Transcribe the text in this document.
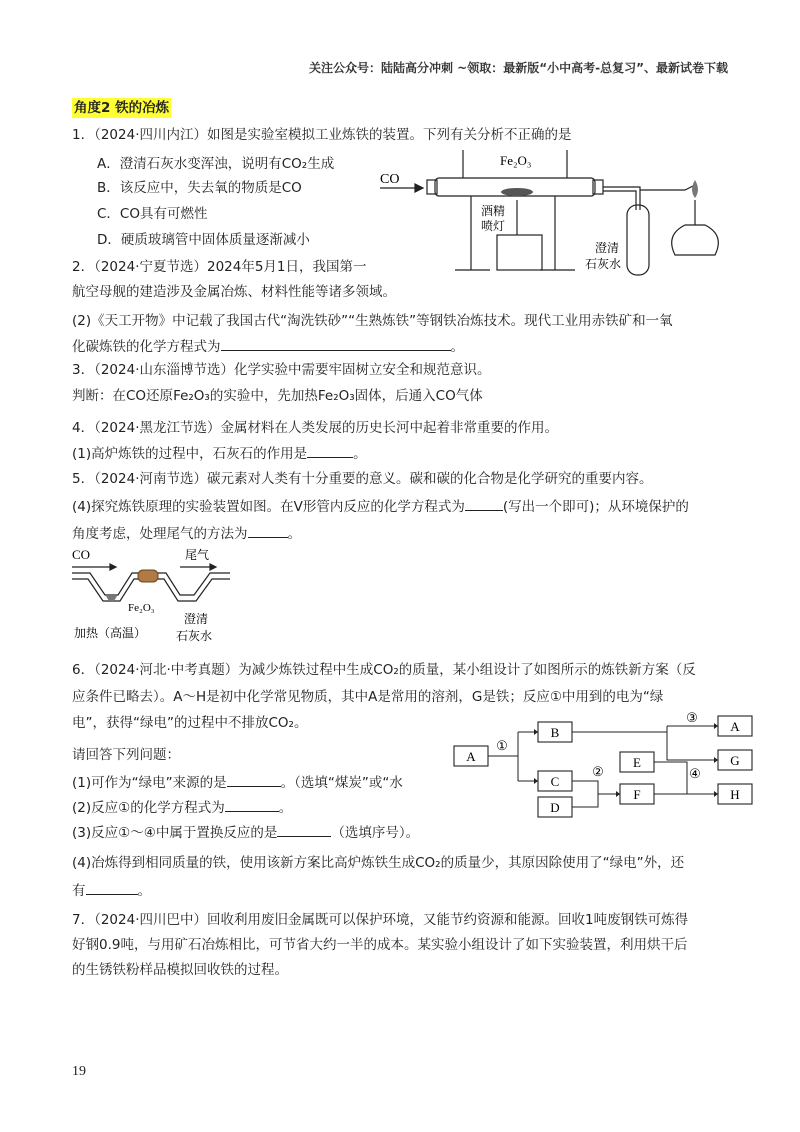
关注公众号：陆陆高分冲刺 ~领取：最新版“小中高考-总复习”、最新试卷下载
角度2 铁的冶炼
1．（2024·四川内江）如图是实验室模拟工业炼铁的装置。下列有关分析不正确的是
A．澄清石灰水变浑浊，说明有CO₂生成
B．该反应中，失去氧的物质是CO
C．CO具有可燃性
D．硬质玻璃管中固体质量逐渐减小
CO
Fe₂O₃
酒精
喷灯
澄清
石灰水
2．（2024·宁夏节选）2024年5月1日，我国第一
航空母舰的建造涉及金属冶炼、材料性能等诸多领域。
(2)《天工开物》中记载了我国古代“淘洗铁砂”“生熟炼铁”等钢铁冶炼技术。现代工业用赤铁矿和一氧
化碳炼铁的化学方程式为	。
3．（2024·山东淄博节选）化学实验中需要牢固树立安全和规范意识。
判断：在CO还原Fe₂O₃的实验中，先加热Fe₂O₃固体，后通入CO气体
4．（2024·黑龙江节选）金属材料在人类发展的历史长河中起着非常重要的作用。
(1)高炉炼铁的过程中，石灰石的作用是	。
5．（2024·河南节选）碳元素对人类有十分重要的意义。碳和碳的化合物是化学研究的重要内容。
(4)探究炼铁原理的实验装置如图。在V形管内反应的化学方程式为	(写出一个即可)；从环境保护的
角度考虑，处理尾气的方法为	。
CO	尾气
Fe₂O₃
加热（高温）
澄清
石灰水
6．（2024·河北·中考真题）为减少炼铁过程中生成CO₂的质量，某小组设计了如图所示的炼铁新方案（反
应条件已略去）。A～H是初中化学常见物质，其中A是常用的溶剂，G是铁；反应①中用到的电为“绿
电”，获得“绿电”的过程中不排放CO₂。
请回答下列问题：
(1)可作为“绿电”来源的是	。（选填“煤炭”或“水
(2)反应①的化学方程式为	。
(3)反应①～④中属于置换反应的是	（选填序号）。
(4)冶炼得到相同质量的铁，使用该新方案比高炉炼铁生成CO₂的质量少，其原因除使用了“绿电”外，还
有	。
A
B
C
D
E
F
A
G
H
①
②
③
④
7．（2024·四川巴中）回收利用废旧金属既可以保护环境，又能节约资源和能源。回收1吨废钢铁可炼得
好钢0.9吨，与用矿石冶炼相比，可节省大约一半的成本。某实验小组设计了如下实验装置，利用烘干后
的生锈铁粉样品模拟回收铁的过程。
19
